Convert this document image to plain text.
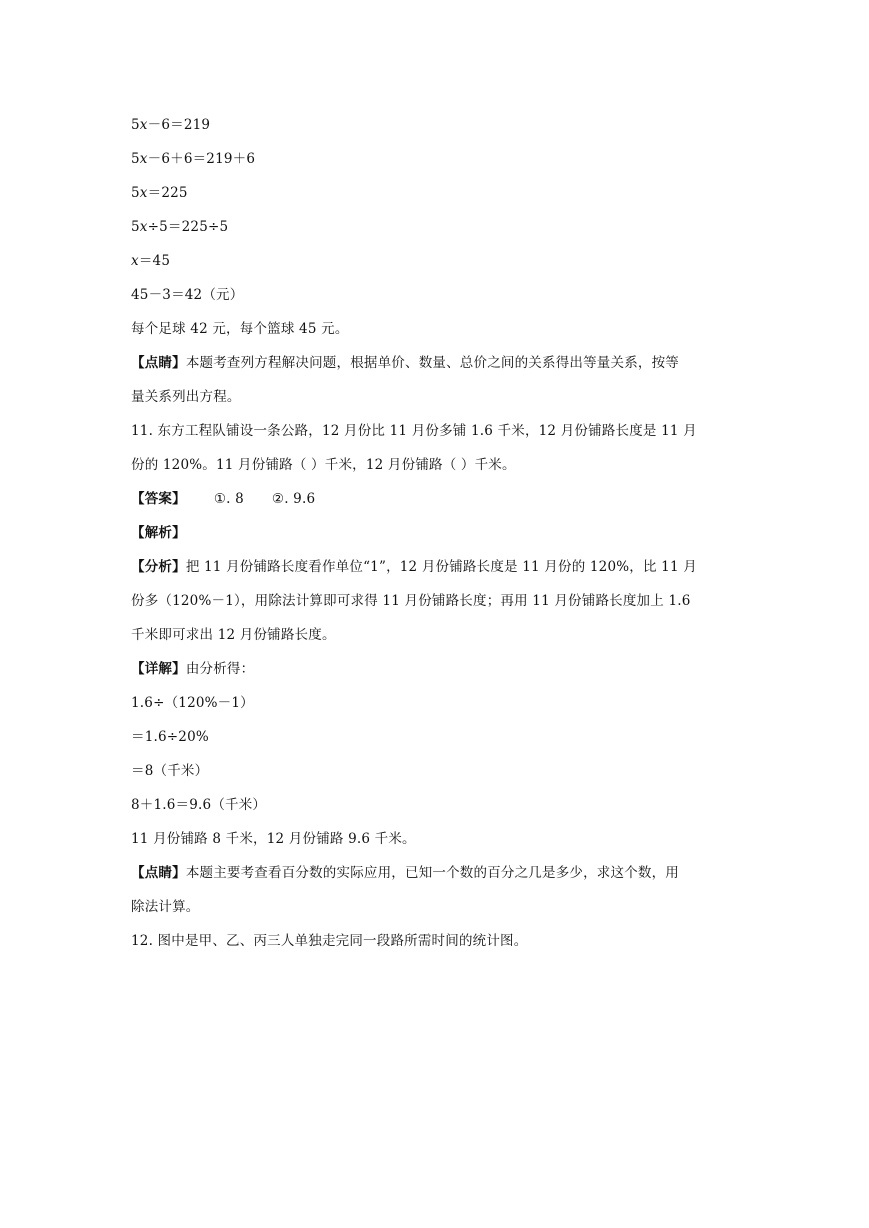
5x－6＝219
5x－6＋6＝219＋6
5x＝225
5x÷5＝225÷5
x＝45
45－3＝42（元）
每个足球 42 元，每个篮球 45 元。
【点睛】本题考查列方程解决问题，根据单价、数量、总价之间的关系得出等量关系，按等
量关系列出方程。
11. 东方工程队铺设一条公路，12 月份比 11 月份多铺 1.6 千米，12 月份铺路长度是 11 月
份的 120%。11 月份铺路（ ）千米，12 月份铺路（ ）千米。
【答案】 ①. 8 ②. 9.6
【解析】
【分析】把 11 月份铺路长度看作单位“1”，12 月份铺路长度是 11 月份的 120%，比 11 月
份多（120%－1），用除法计算即可求得 11 月份铺路长度；再用 11 月份铺路长度加上 1.6
千米即可求出 12 月份铺路长度。
【详解】由分析得：
1.6÷（120%－1）
＝1.6÷20%
＝8（千米）
8＋1.6＝9.6（千米）
11 月份铺路 8 千米，12 月份铺路 9.6 千米。
【点睛】本题主要考查看百分数的实际应用，已知一个数的百分之几是多少，求这个数，用
除法计算。
12. 图中是甲、乙、丙三人单独走完同一段路所需时间的统计图。
